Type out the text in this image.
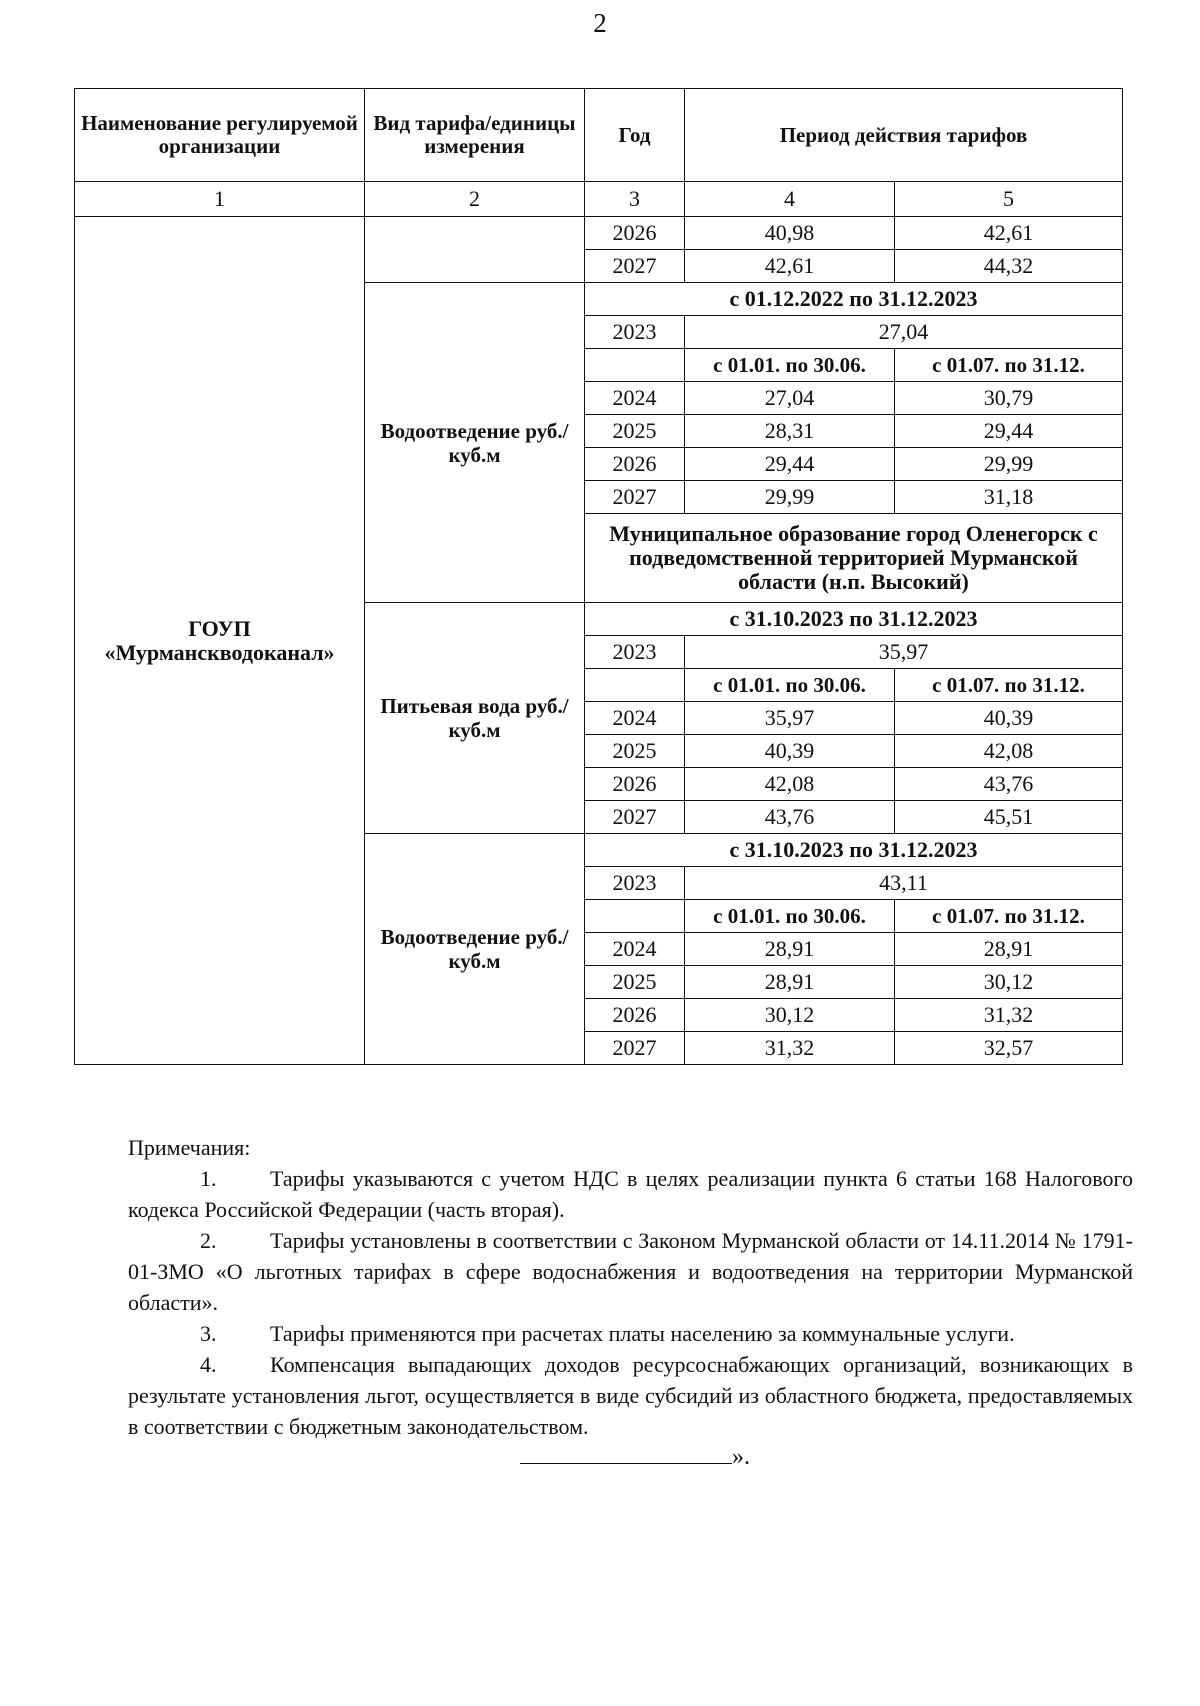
2
Наименование регулируемой организации	Вид тарифа/единицы измерения	Год	Период действия тарифов	
1	2	3	4	5
ГОУП «Мурманскводоканал»		2026	40,98	42,61
		2027	42,61	44,32
	Водоотведение руб./куб.м	с 01.12.2022 по 31.12.2023		
		2023	27,04	
			с 01.01. по 30.06.	с 01.07. по 31.12.
		2024	27,04	30,79
		2025	28,31	29,44
		2026	29,44	29,99
		2027	29,99	31,18
		Муниципальное образование город Оленегорск с подведомственной территорией Мурманской области (н.п. Высокий)		
	Питьевая вода руб./куб.м	с 31.10.2023 по 31.12.2023		
		2023	35,97	
			с 01.01. по 30.06.	с 01.07. по 31.12.
		2024	35,97	40,39
		2025	40,39	42,08
		2026	42,08	43,76
		2027	43,76	45,51
	Водоотведение руб./куб.м	с 31.10.2023 по 31.12.2023		
		2023	43,11	
			с 01.01. по 30.06.	с 01.07. по 31.12.
		2024	28,91	28,91
		2025	28,91	30,12
		2026	30,12	31,32
		2027	31,32	32,57

Примечания:

1. Тарифы указываются с учетом НДС в целях реализации пункта 6 статьи 168 Налогового кодекса Российской Федерации (часть вторая).

2. Тарифы установлены в соответствии с Законом Мурманской области от 14.11.2014 № 1791-01-ЗМО «О льготных тарифах в сфере водоснабжения и водоотведения на территории Мурманской области».

3. Тарифы применяются при расчетах платы населению за коммунальные услуги.

4. Компенсация выпадающих доходов ресурсоснабжающих организаций, возникающих в результате установления льгот, осуществляется в виде субсидий из областного бюджета, предоставляемых в соответствии с бюджетным законодательством.

».
